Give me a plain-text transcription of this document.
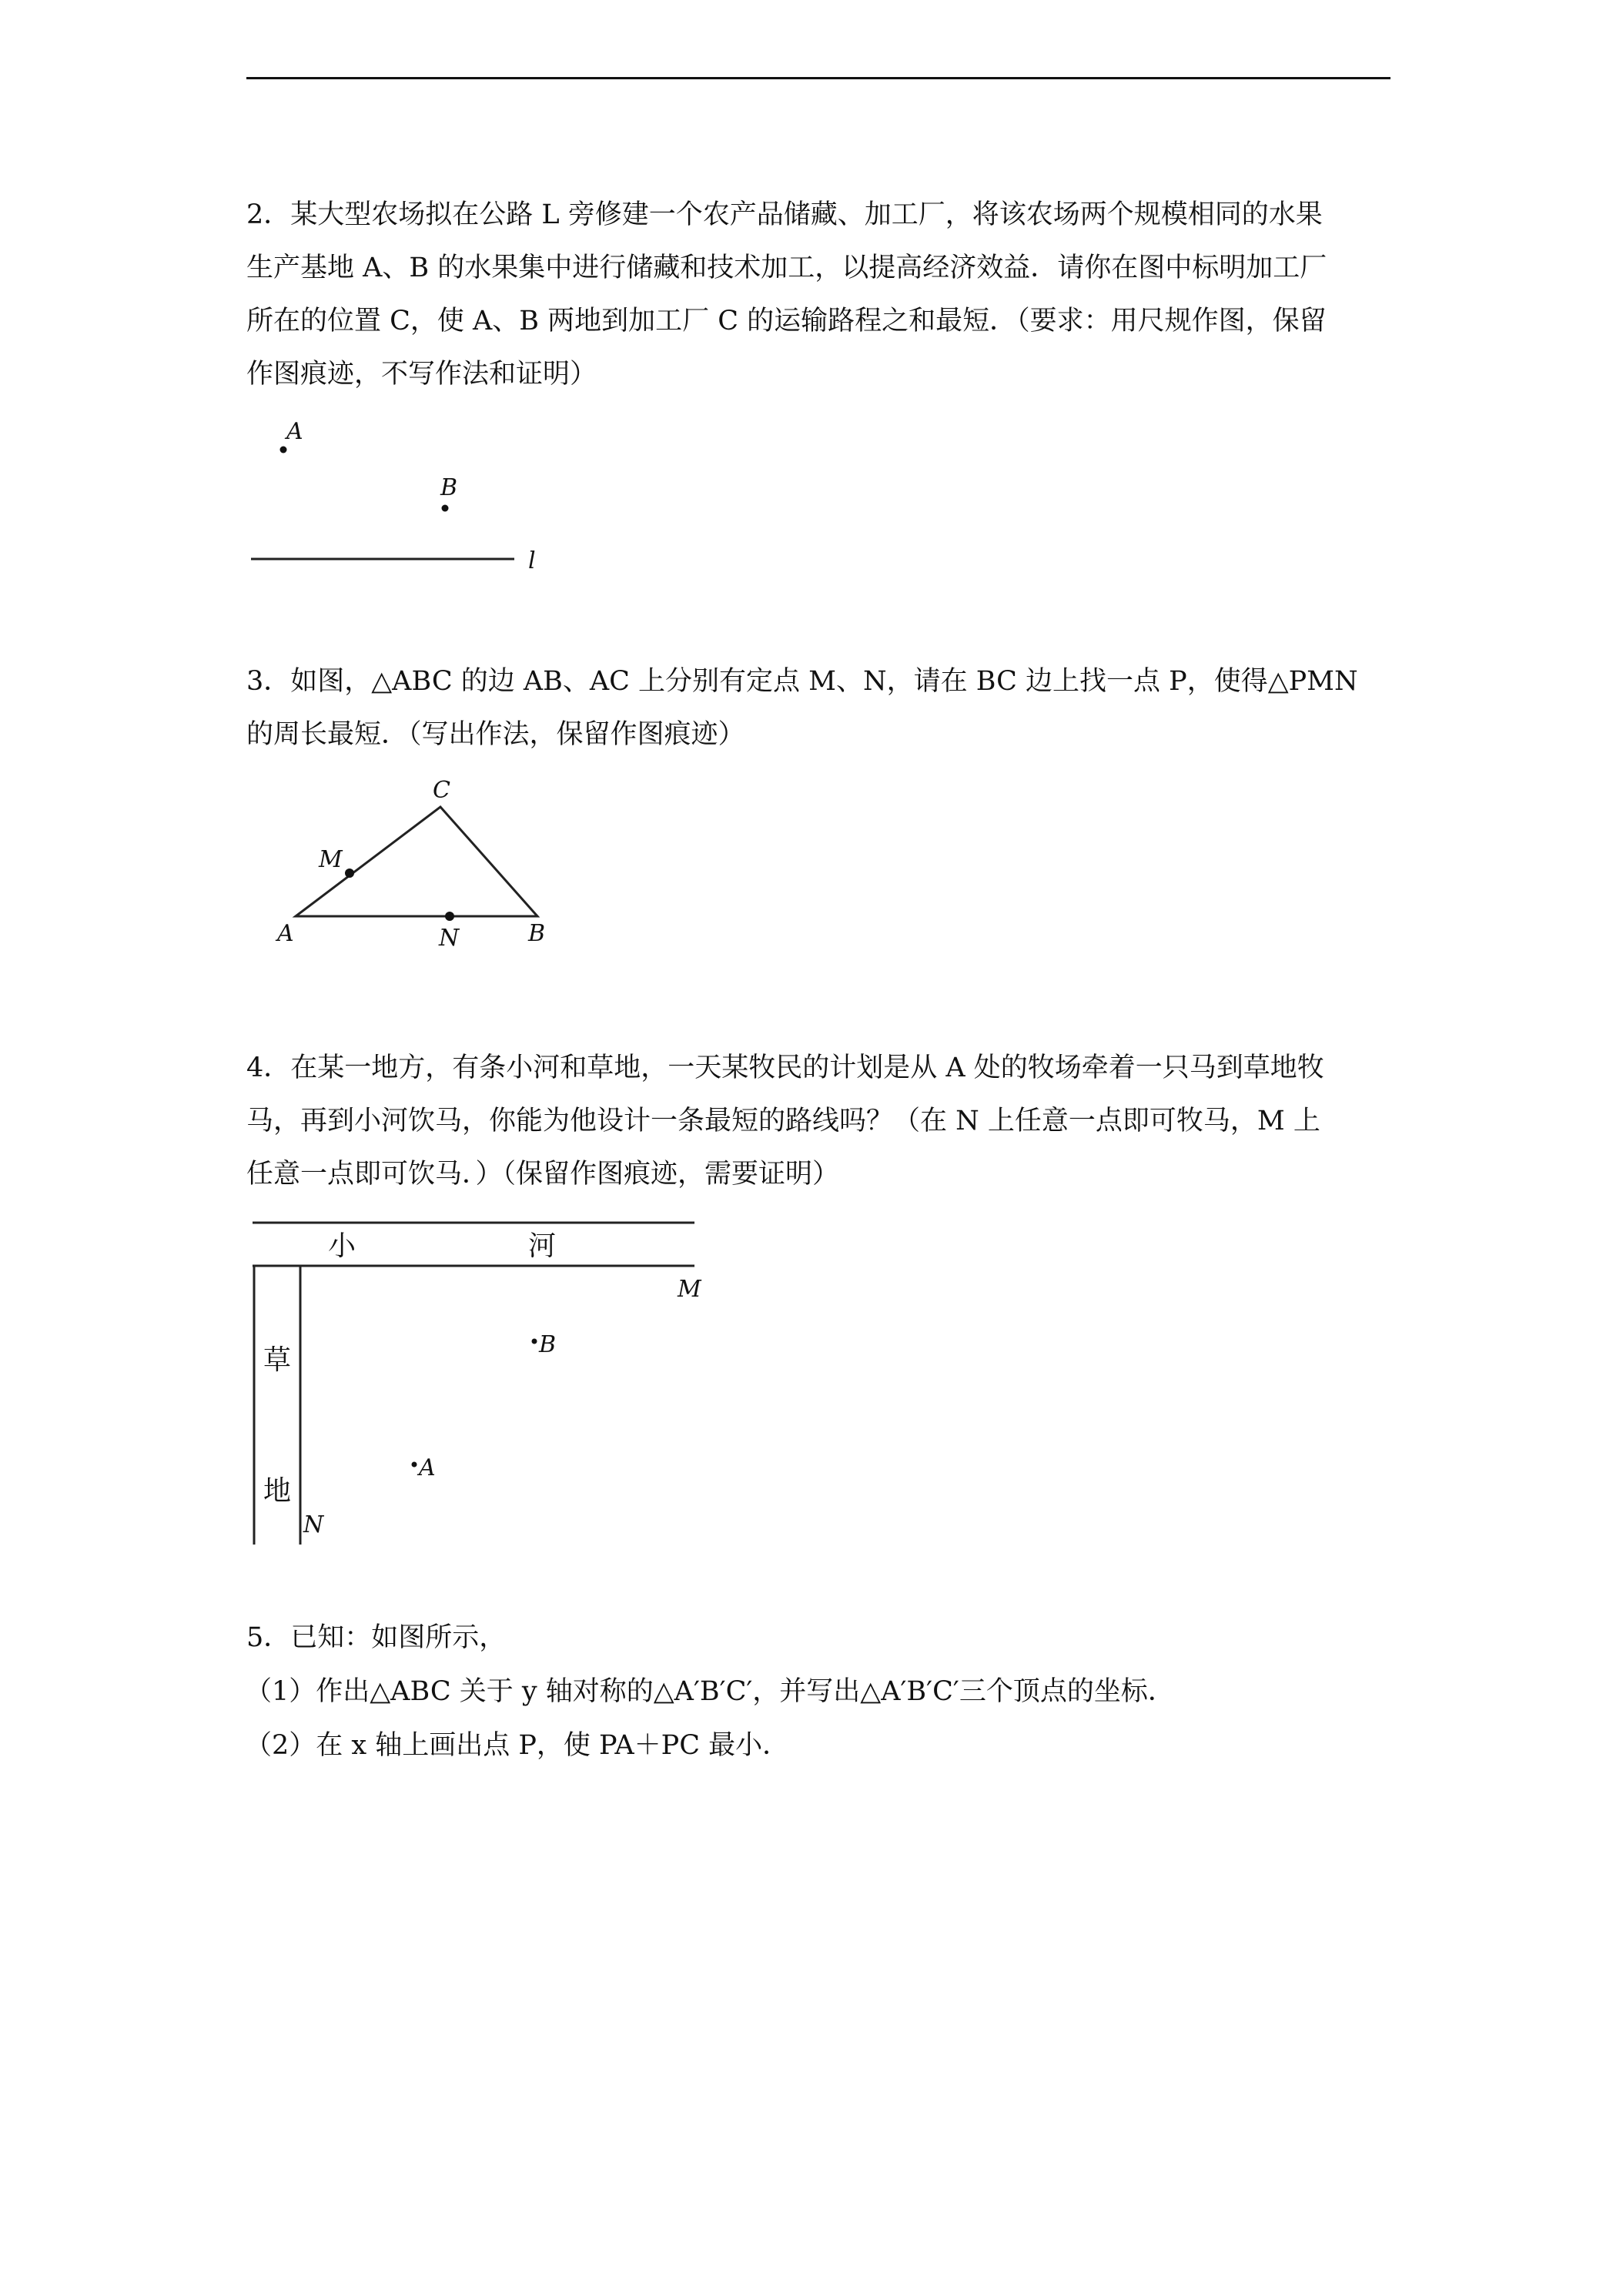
2．某大型农场拟在公路 L 旁修建一个农产品储藏、加工厂，将该农场两个规模相同的水果
生产基地 A、B 的水果集中进行储藏和技术加工，以提高经济效益．请你在图中标明加工厂
所在的位置 C，使 A、B 两地到加工厂 C 的运输路程之和最短．（要求：用尺规作图，保留
作图痕迹，不写作法和证明）
A
B
l
3．如图，△ABC 的边 AB、AC 上分别有定点 M、N，请在 BC 边上找一点 P，使得△PMN
的周长最短．（写出作法，保留作图痕迹）
C
M
A	N	B
4．在某一地方，有条小河和草地，一天某牧民的计划是从 A 处的牧场牵着一只马到草地牧
马，再到小河饮马，你能为他设计一条最短的路线吗？（在 N 上任意一点即可牧马，M 上
任意一点即可饮马．）（保留作图痕迹，需要证明）
小	河
M
B
草
A
地
N
5．已知：如图所示，
（1）作出△ABC 关于 y 轴对称的△A′B′C′，并写出△A′B′C′三个顶点的坐标．
（2）在 x 轴上画出点 P，使 PA＋PC 最小．
